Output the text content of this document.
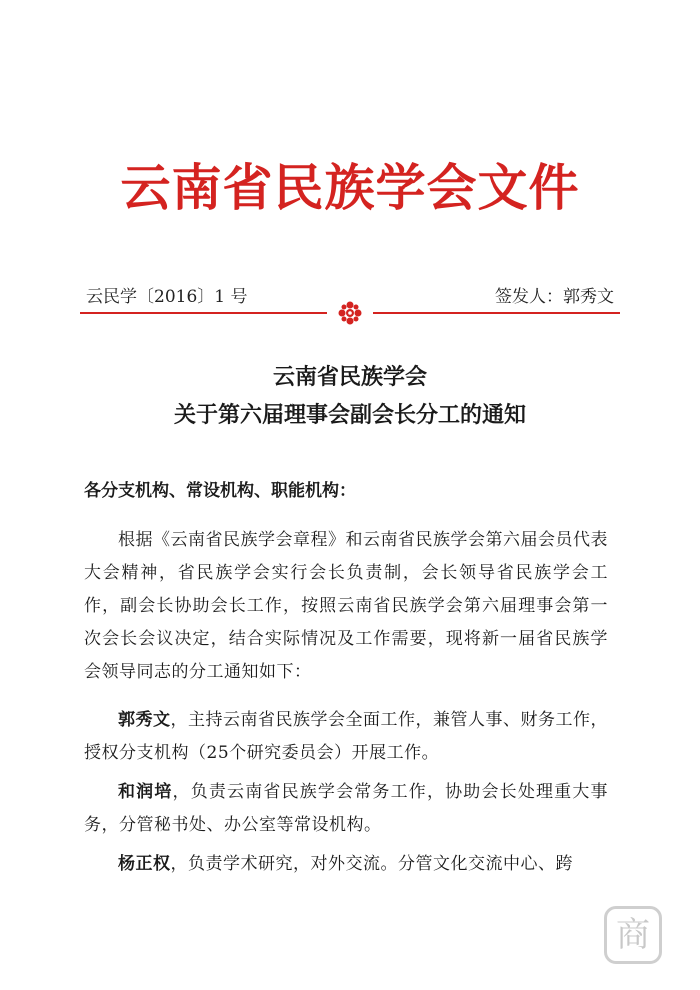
云南省民族学会文件
云民学〔2016〕1 号	签发人：郭秀文
云南省民族学会
关于第六届理事会副会长分工的通知
各分支机构、常设机构、职能机构：
根据《云南省民族学会章程》和云南省民族学会第六届会员代表大会精神，省民族学会实行会长负责制，会长领导省民族学会工作，副会长协助会长工作，按照云南省民族学会第六届理事会第一次会长会议决定，结合实际情况及工作需要，现将新一届省民族学会领导同志的分工通知如下：
郭秀文，主持云南省民族学会全面工作，兼管人事、财务工作，授权分支机构（25个研究委员会）开展工作。
和润培，负责云南省民族学会常务工作，协助会长处理重大事务，分管秘书处、办公室等常设机构。
杨正权，负责学术研究，对外交流。分管文化交流中心、跨
商
